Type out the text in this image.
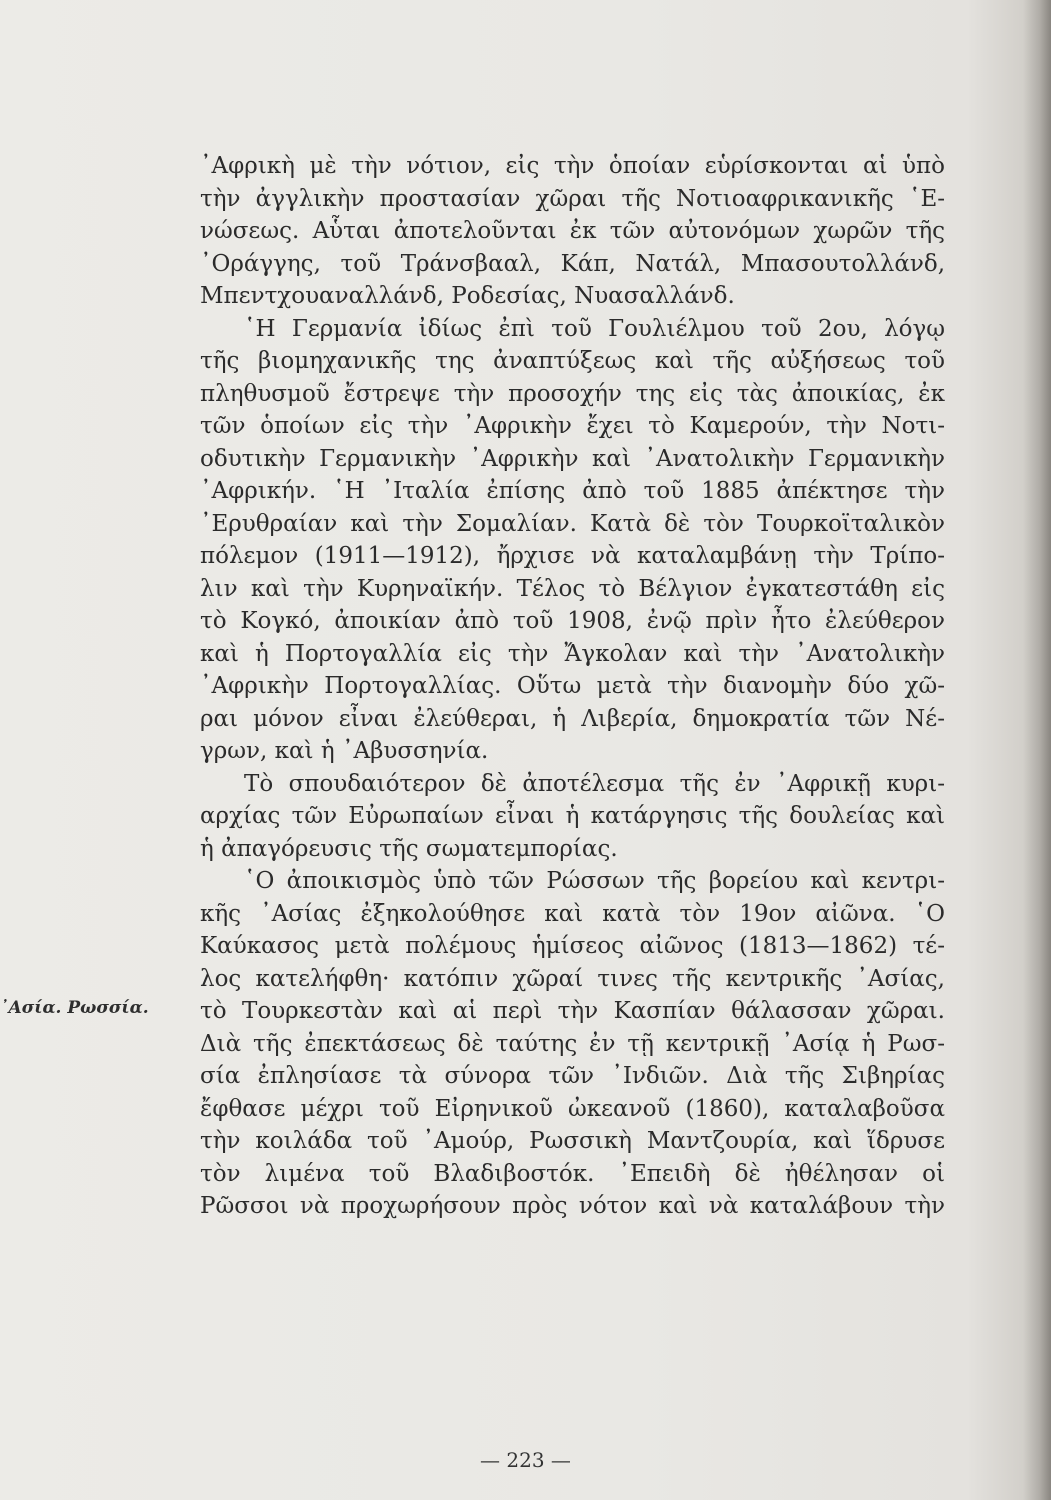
᾿Ασία. Ρωσσία.
᾿Αφρικὴ μὲ τὴν νότιον, εἰς τὴν ὁποίαν εὑρίσκονται αἱ ὑπὸ
τὴν ἀγγλικὴν προστασίαν χῶραι τῆς Νοτιοαφρικανικῆς ῾Ε-
νώσεως. Αὗται ἀποτελοῦνται ἐκ τῶν αὐτονόμων χωρῶν τῆς
᾿Οράγγης, τοῦ Τράνσβααλ, Κάπ, Νατάλ, Μπασουτολλάνδ,
Μπεντχουαναλλάνδ, Ροδεσίας, Νυασαλλάνδ.
῾Η Γερμανία ἰδίως ἐπὶ τοῦ Γουλιέλμου τοῦ 2ου, λόγῳ
τῆς βιομηχανικῆς της ἀναπτύξεως καὶ τῆς αὐξήσεως τοῦ
πληθυσμοῦ ἔστρεψε τὴν προσοχήν της εἰς τὰς ἀποικίας, ἐκ
τῶν ὁποίων εἰς τὴν ᾿Αφρικὴν ἔχει τὸ Καμερούν, τὴν Νοτι-
οδυτικὴν Γερμανικὴν ᾿Αφρικὴν καὶ ᾿Ανατολικὴν Γερμανικὴν
᾿Αφρικήν. ῾Η ᾿Ιταλία ἐπίσης ἀπὸ τοῦ 1885 ἀπέκτησε τὴν
᾿Ερυθραίαν καὶ τὴν Σομαλίαν. Κατὰ δὲ τὸν Τουρκοϊταλικὸν
πόλεμον (1911—1912), ἤρχισε νὰ καταλαμβάνῃ τὴν Τρίπο-
λιν καὶ τὴν Κυρηναϊκήν. Τέλος τὸ Βέλγιον ἐγκατεστάθη εἰς
τὸ Κογκό, ἀποικίαν ἀπὸ τοῦ 1908, ἐνῷ πρὶν ἦτο ἐλεύθερον
καὶ ἡ Πορτογαλλία εἰς τὴν Ἄγκολαν καὶ τὴν ᾿Ανατολικὴν
᾿Αφρικὴν Πορτογαλλίας. Οὕτω μετὰ τὴν διανομὴν δύο χῶ-
ραι μόνον εἶναι ἐλεύθεραι, ἡ Λιβερία, δημοκρατία τῶν Νέ-
γρων, καὶ ἡ ᾿Αβυσσηνία.
Τὸ σπουδαιότερον δὲ ἀποτέλεσμα τῆς ἐν ᾿Αφρικῇ κυρι-
αρχίας τῶν Εὐρωπαίων εἶναι ἡ κατάργησις τῆς δουλείας καὶ
ἡ ἀπαγόρευσις τῆς σωματεμπορίας.
῾Ο ἀποικισμὸς ὑπὸ τῶν Ρώσσων τῆς βορείου καὶ κεντρι-
κῆς ᾿Ασίας ἐξηκολούθησε καὶ κατὰ τὸν 19ον αἰῶνα. ῾Ο
Καύκασος μετὰ πολέμους ἡμίσεος αἰῶνος (1813—1862) τέ-
λος κατελήφθη· κατόπιν χῶραί τινες τῆς κεντρικῆς ᾿Ασίας,
τὸ Τουρκεστὰν καὶ αἱ περὶ τὴν Κασπίαν θάλασσαν χῶραι.
Διὰ τῆς ἐπεκτάσεως δὲ ταύτης ἐν τῇ κεντρικῇ ᾿Ασίᾳ ἡ Ρωσ-
σία ἐπλησίασε τὰ σύνορα τῶν ᾿Ινδιῶν. Διὰ τῆς Σιβηρίας
ἔφθασε μέχρι τοῦ Εἰρηνικοῦ ὠκεανοῦ (1860), καταλαβοῦσα
τὴν κοιλάδα τοῦ ᾿Αμούρ, Ρωσσικὴ Μαντζουρία, καὶ ἵδρυσε
τὸν λιμένα τοῦ Βλαδιβοστόκ. ᾿Επειδὴ δὲ ἠθέλησαν οἱ
Ρῶσσοι νὰ προχωρήσουν πρὸς νότον καὶ νὰ καταλάβουν τὴν
— 223 —
